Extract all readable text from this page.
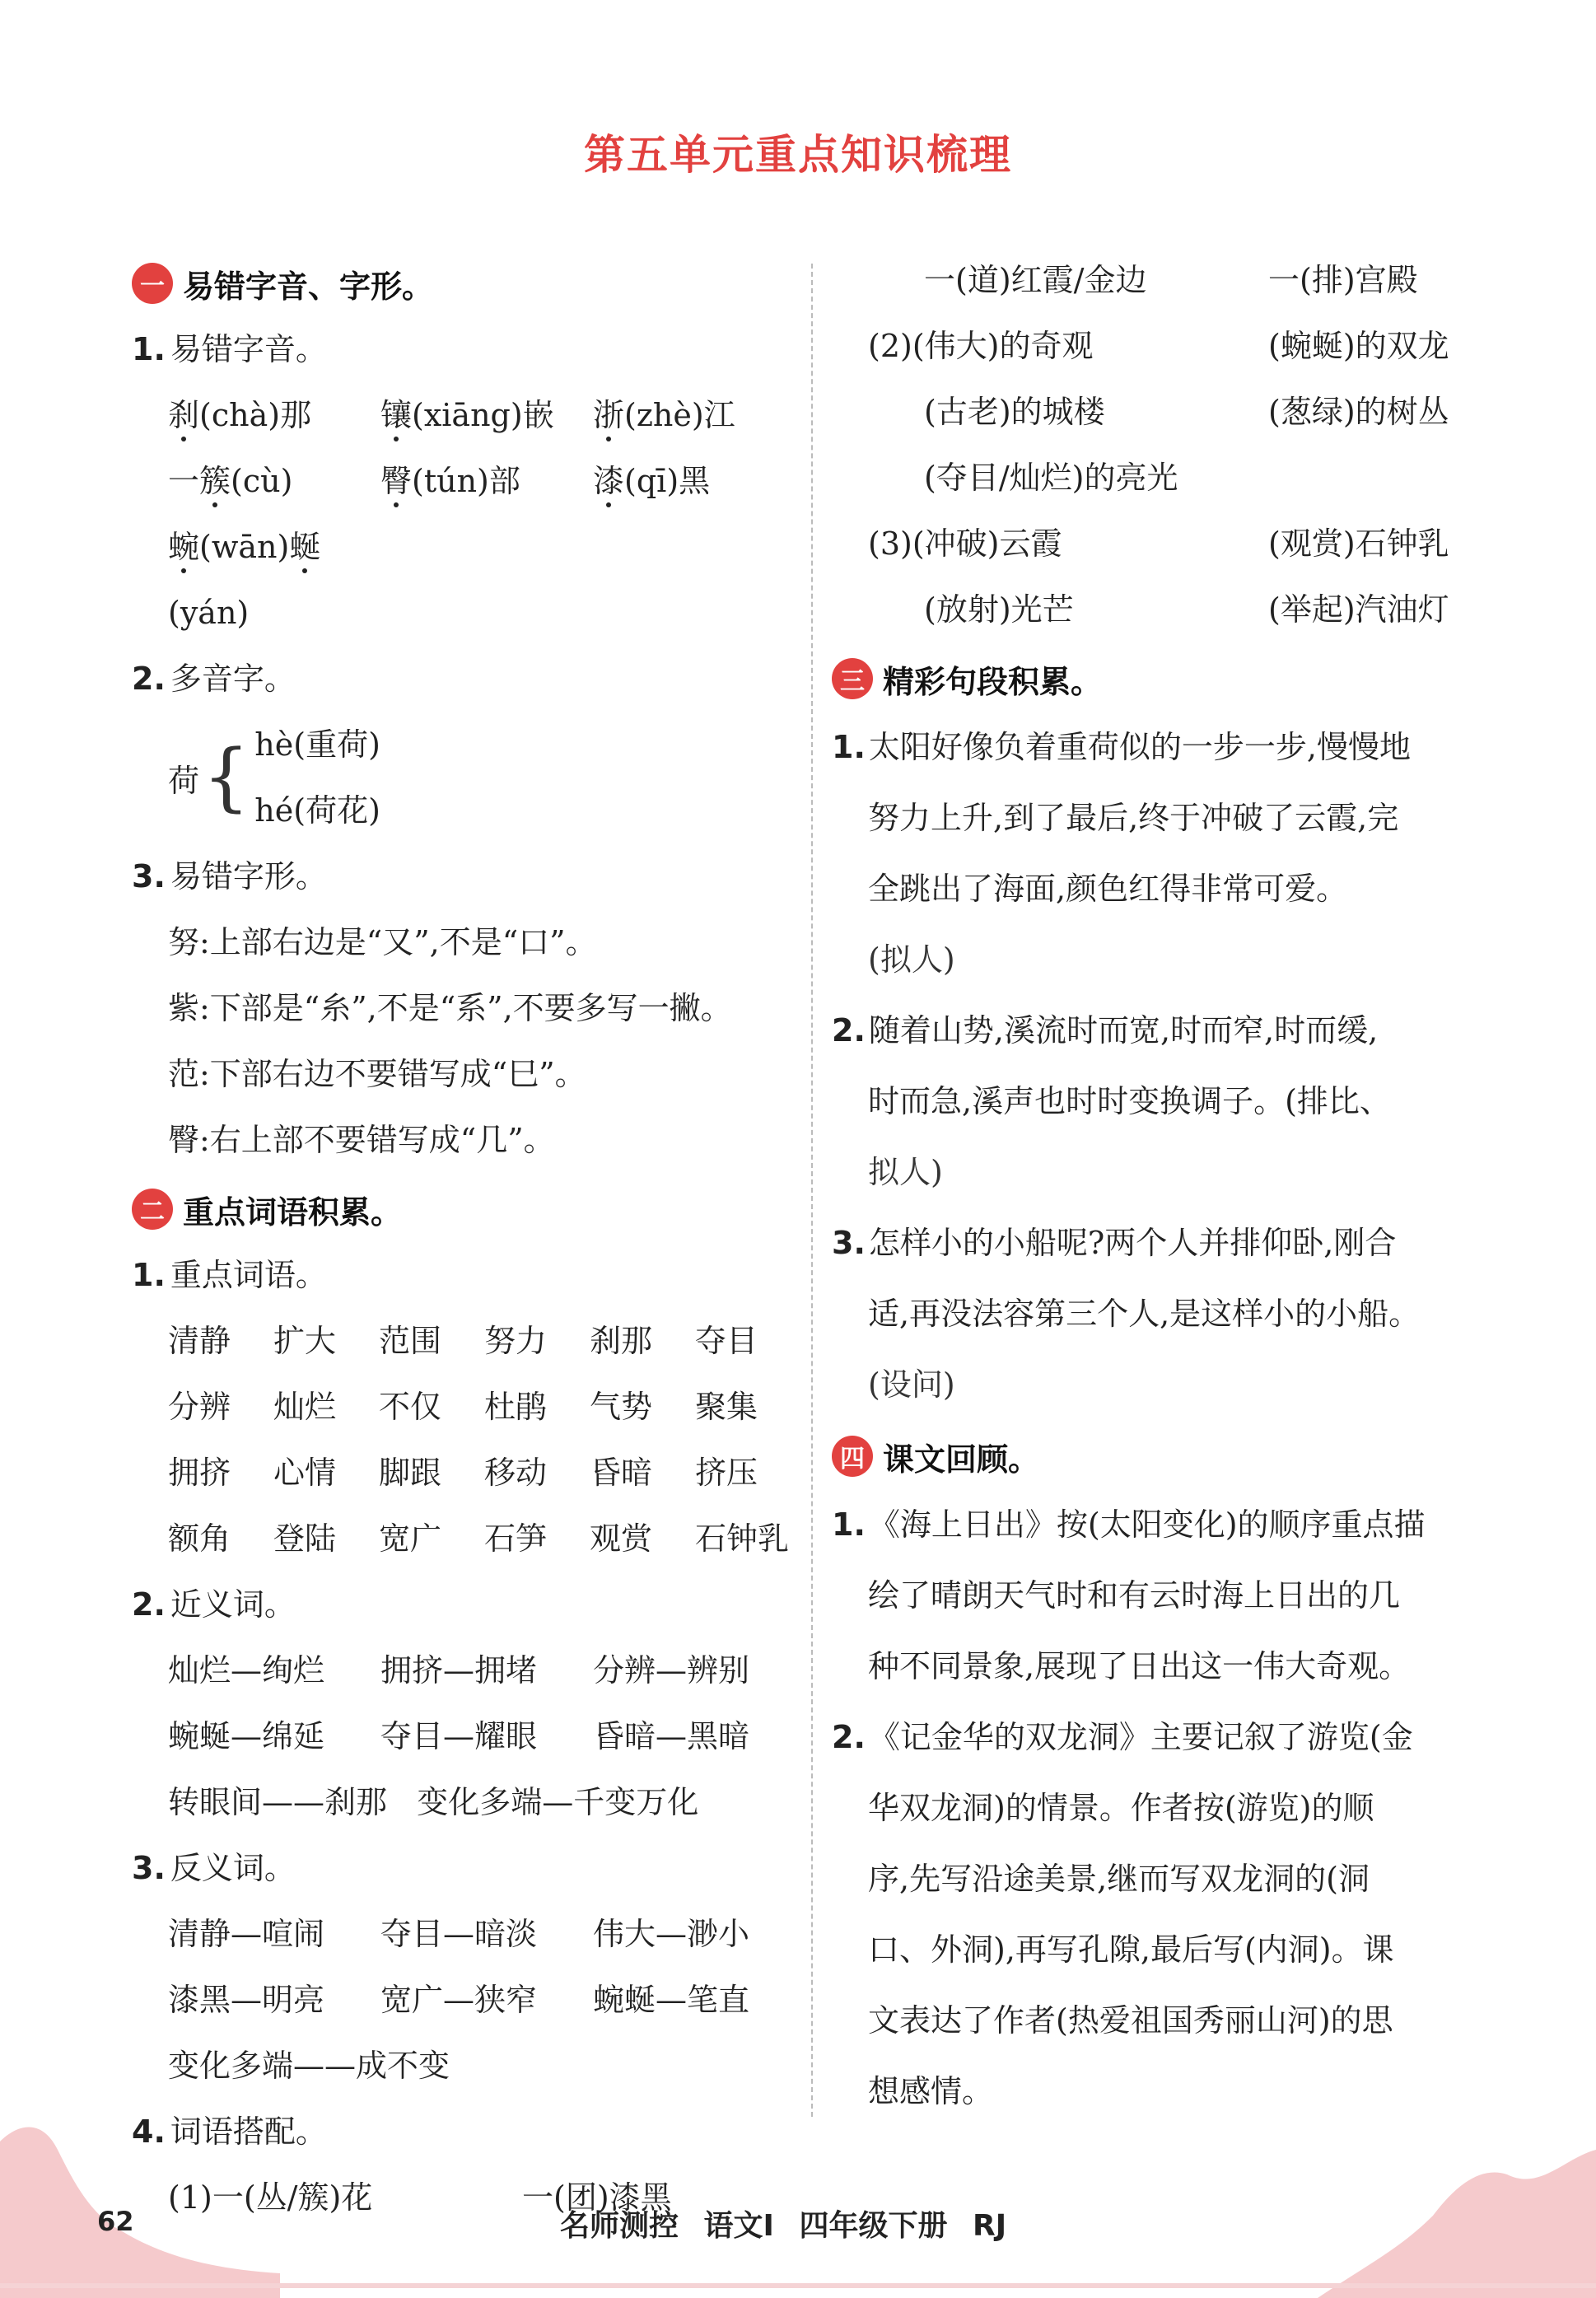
第五单元重点知识梳理
一 易错字音、字形。
1. 易错字音。
刹(chà)那	镶(xiāng)嵌	浙(zhè)江
一簇(cù)	臀(tún)部	漆(qī)黑
蜿(wān)蜒(yán)
2. 多音字。
荷 { hè(重荷)
hé(荷花)
3. 易错字形。
努:上部右边是“又”,不是“口”。
紫:下部是“糸”,不是“系”,不要多写一撇。
范:下部右边不要错写成“巳”。
臀:右上部不要错写成“几”。
二 重点词语积累。
1. 重点词语。
清静	扩大	范围	努力	刹那	夺目
分辨	灿烂	不仅	杜鹃	气势	聚集
拥挤	心情	脚跟	移动	昏暗	挤压
额角	登陆	宽广	石笋	观赏	石钟乳
2. 近义词。
灿烂—绚烂	拥挤—拥堵	分辨—辨别
蜿蜒—绵延	夺目—耀眼	昏暗—黑暗
转眼间——刹那 变化多端—千变万化
3. 反义词。
清静—喧闹	夺目—暗淡	伟大—渺小
漆黑—明亮	宽广—狭窄	蜿蜒—笔直
变化多端——成不变
4. 词语搭配。
(1)一(丛/簇)花	一(团)漆黑
一(道)红霞/金边	一(排)宫殿
(2)(伟大)的奇观	(蜿蜒)的双龙
(古老)的城楼	(葱绿)的树丛
(夺目/灿烂)的亮光
(3)(冲破)云霞	(观赏)石钟乳
(放射)光芒	(举起)汽油灯
三 精彩句段积累。
1. 太阳好像负着重荷似的一步一步,慢慢地
努力上升,到了最后,终于冲破了云霞,完
全跳出了海面,颜色红得非常可爱。
(拟人)
2. 随着山势,溪流时而宽,时而窄,时而缓,
时而急,溪声也时时变换调子。(排比、
拟人)
3. 怎样小的小船呢?两个人并排仰卧,刚合
适,再没法容第三个人,是这样小的小船。
(设问)
四 课文回顾。
1. 《海上日出》按(太阳变化)的顺序重点描
绘了晴朗天气时和有云时海上日出的几
种不同景象,展现了日出这一伟大奇观。
2. 《记金华的双龙洞》主要记叙了游览(金
华双龙洞)的情景。作者按(游览)的顺
序,先写沿途美景,继而写双龙洞的(洞
口、外洞),再写孔隙,最后写(内洞)。课
文表达了作者(热爱祖国秀丽山河)的思
想感情。
62	名师测控 语文Ⅰ 四年级下册 RJ
